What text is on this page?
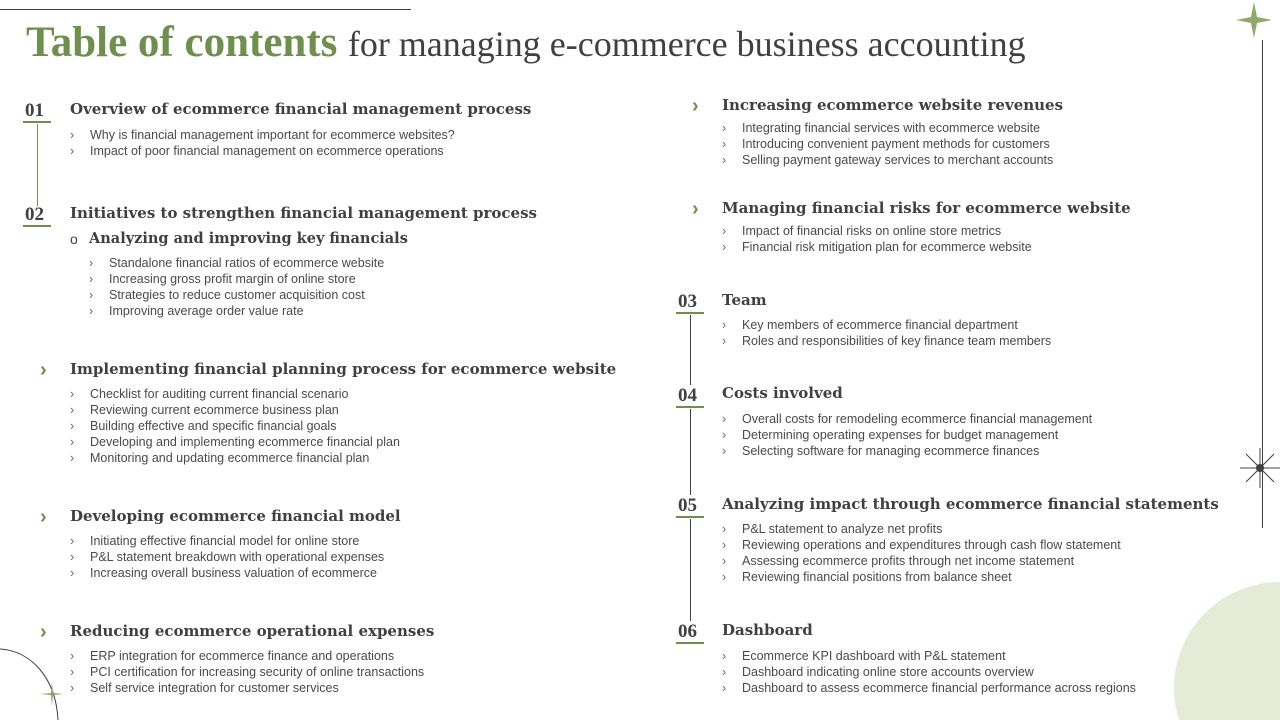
Table of contents for managing e-commerce business accounting
01 Overview of ecommerce financial management process
› Why is financial management important for ecommerce websites?
› Impact of poor financial management on ecommerce operations
02 Initiatives to strengthen financial management process
o Analyzing and improving key financials
› Standalone financial ratios of ecommerce website
› Increasing gross profit margin of online store
› Strategies to reduce customer acquisition cost
› Improving average order value rate
› Implementing financial planning process for ecommerce website
› Checklist for auditing current financial scenario
› Reviewing current ecommerce business plan
› Building effective and specific financial goals
› Developing and implementing ecommerce financial plan
› Monitoring and updating ecommerce financial plan
› Developing ecommerce financial model
› Initiating effective financial model for online store
› P&L statement breakdown with operational expenses
› Increasing overall business valuation of ecommerce
› Reducing ecommerce operational expenses
› ERP integration for ecommerce finance and operations
› PCI certification for increasing security of online transactions
› Self service integration for customer services
› Increasing ecommerce website revenues
› Integrating financial services with ecommerce website
› Introducing convenient payment methods for customers
› Selling payment gateway services to merchant accounts
› Managing financial risks for ecommerce website
› Impact of financial risks on online store metrics
› Financial risk mitigation plan for ecommerce website
03 Team
› Key members of ecommerce financial department
› Roles and responsibilities of key finance team members
04 Costs involved
› Overall costs for remodeling ecommerce financial management
› Determining operating expenses for budget management
› Selecting software for managing ecommerce finances
05 Analyzing impact through ecommerce financial statements
› P&L statement to analyze net profits
› Reviewing operations and expenditures through cash flow statement
› Assessing ecommerce profits through net income statement
› Reviewing financial positions from balance sheet
06 Dashboard
› Ecommerce KPI dashboard with P&L statement
› Dashboard indicating online store accounts overview
› Dashboard to assess ecommerce financial performance across regions
